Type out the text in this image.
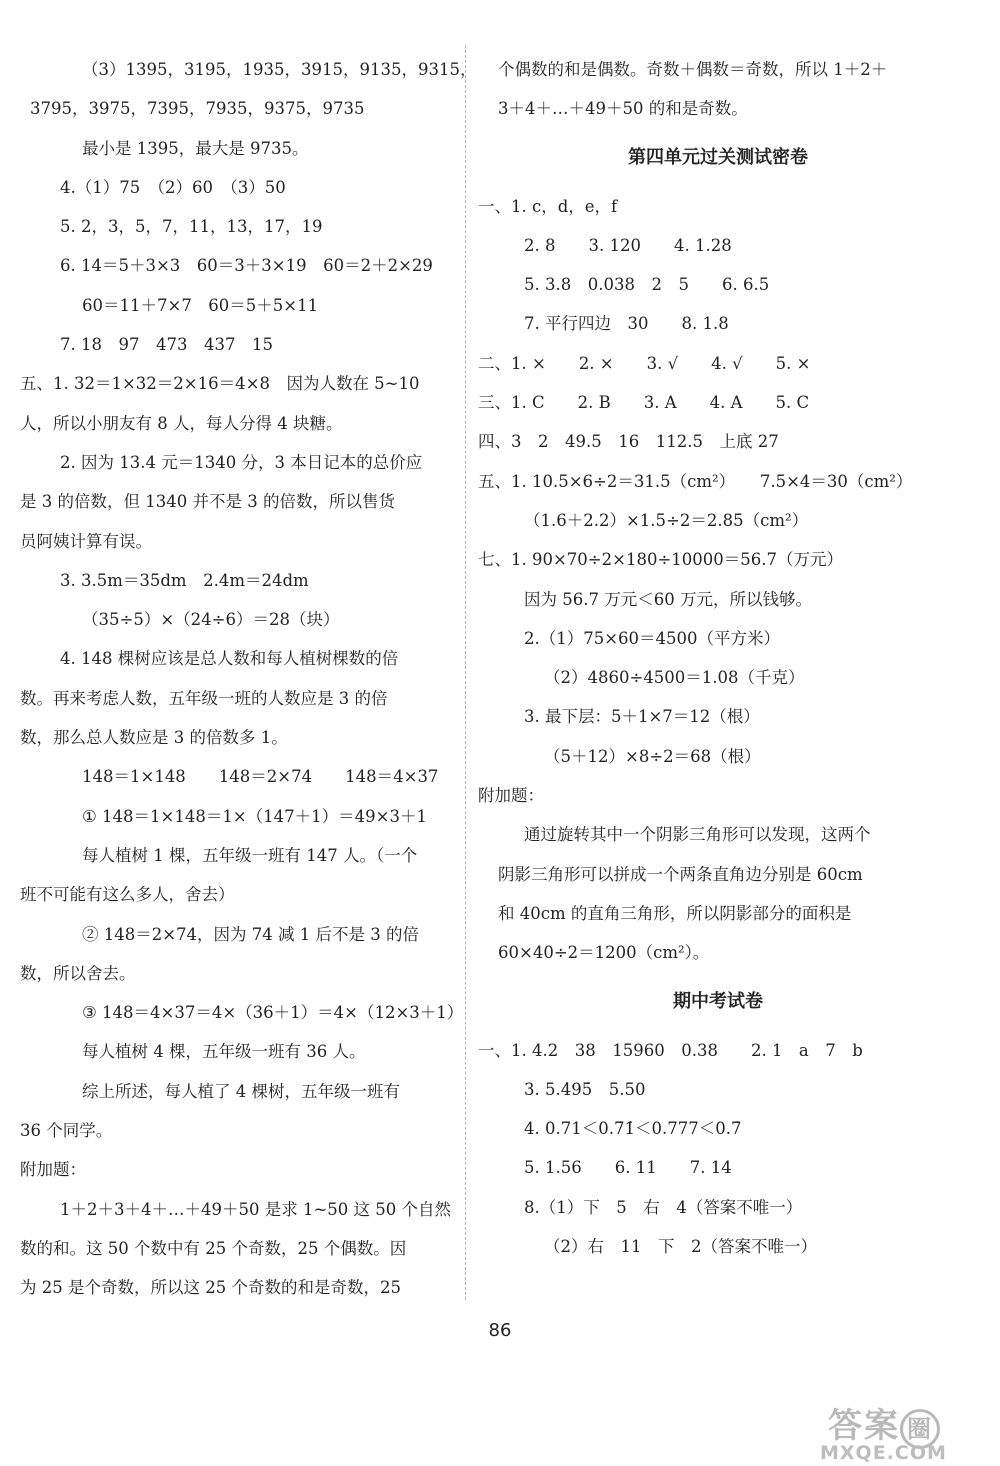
（3）1395，3195，1935，3915，9135，9315，
3795，3975，7395，7935，9375，9735
最小是 1395，最大是 9735。
4.（1）75　（2）60　（3）50
5. 2，3，5，7，11，13，17，19
6. 14＝5＋3×3　60＝3＋3×19　60＝2＋2×29
60＝11＋7×7　60＝5＋5×11
7. 18　97　473　437　15
五、1. 32＝1×32＝2×16＝4×8　因为人数在 5~10
人，所以小朋友有 8 人，每人分得 4 块糖。
2. 因为 13.4 元＝1340 分，3 本日记本的总价应
是 3 的倍数，但 1340 并不是 3 的倍数，所以售货
员阿姨计算有误。
3. 3.5m＝35dm　2.4m＝24dm
（35÷5）×（24÷6）＝28（块）
4. 148 棵树应该是总人数和每人植树棵数的倍
数。再来考虑人数，五年级一班的人数应是 3 的倍
数，那么总人数应是 3 的倍数多 1。
148＝1×148　　148＝2×74　　148＝4×37
① 148＝1×148＝1×（147＋1）＝49×3＋1
每人植树 1 棵，五年级一班有 147 人。（一个
班不可能有这么多人，舍去）
② 148＝2×74，因为 74 减 1 后不是 3 的倍
数，所以舍去。
③ 148＝4×37＝4×（36＋1）＝4×（12×3＋1）
每人植树 4 棵，五年级一班有 36 人。
综上所述，每人植了 4 棵树，五年级一班有
36 个同学。
附加题：
1＋2＋3＋4＋…＋49＋50 是求 1~50 这 50 个自然
数的和。这 50 个数中有 25 个奇数，25 个偶数。因
为 25 是个奇数，所以这 25 个奇数的和是奇数，25
个偶数的和是偶数。奇数＋偶数＝奇数，所以 1＋2＋
3＋4＋…＋49＋50 的和是奇数。
第四单元过关测试密卷
一、1. c，d，e，f
2. 8　　3. 120　　4. 1.28
5. 3.8　0.038　2　5　　6. 6.5
7. 平行四边　30　　8. 1.8
二、1. ×　　2. ×　　3. √　　4. √　　5. ×
三、1. C　　2. B　　3. A　　4. A　　5. C
四、3　2　49.5　16　112.5　上底 27
五、1. 10.5×6÷2＝31.5（cm²）　　7.5×4＝30（cm²）
（1.6＋2.2）×1.5÷2＝2.85（cm²）
七、1. 90×70÷2×180÷10000＝56.7（万元）
因为 56.7 万元＜60 万元，所以钱够。
2.（1）75×60＝4500（平方米）
（2）4860÷4500＝1.08（千克）
3. 最下层：5＋1×7＝12（根）
（5＋12）×8÷2＝68（根）
附加题：
通过旋转其中一个阴影三角形可以发现，这两个
阴影三角形可以拼成一个两条直角边分别是 60cm
和 40cm 的直角三角形，所以阴影部分的面积是
60×40÷2＝1200（cm²）。
期中考试卷
一、1. 4.2　38　15960　0.38　　2. 1　a　7　b
3. 5.4̇95̇　5.50
4. 0.71＜0.7̇1̇＜0.777＜0.7̇
5. 1.56　　6. 11　　7. 14
8.（1）下　5　右　4（答案不唯一）
（2）右　11　下　2（答案不唯一）
86
答案 圈
MXQE.COM
